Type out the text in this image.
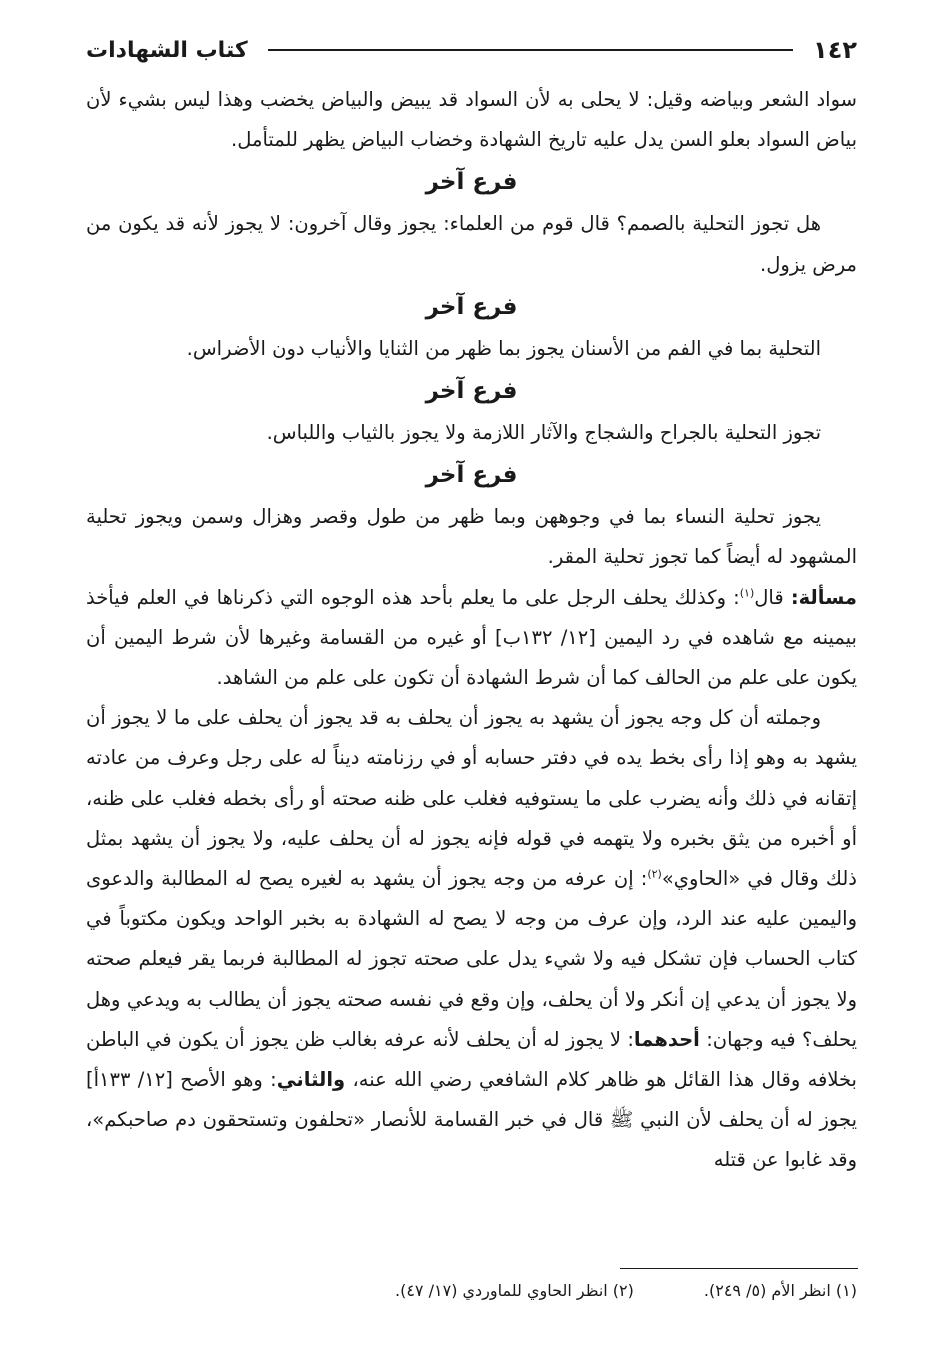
١٤٢
كتاب الشهادات

سواد الشعر وبياضه وقيل: لا يحلى به لأن السواد قد يبيض والبياض يخضب وهذا ليس بشيء لأن بياض السواد بعلو السن يدل عليه تاريخ الشهادة وخضاب البياض يظهر للمتأمل.

فرع آخر

هل تجوز التحلية بالصمم؟ قال قوم من العلماء: يجوز وقال آخرون: لا يجوز لأنه قد يكون من مرض يزول.

فرع آخر

التحلية بما في الفم من الأسنان يجوز بما ظهر من الثنايا والأنياب دون الأضراس.

فرع آخر

تجوز التحلية بالجراح والشجاج والآثار اللازمة ولا يجوز بالثياب واللباس.

فرع آخر

يجوز تحلية النساء بما في وجوههن وبما ظهر من طول وقصر وهزال وسمن ويجوز تحلية المشهود له أيضاً كما تجوز تحلية المقر.

مسألة: قال$^{(١)}$: وكذلك يحلف الرجل على ما يعلم بأحد هذه الوجوه التي ذكرناها في العلم فيأخذ بيمينه مع شاهده في رد اليمين [١٢/ ١٣٢ب] أو غيره من القسامة وغيرها لأن شرط اليمين أن يكون على علم من الحالف كما أن شرط الشهادة أن تكون على علم من الشاهد.

وجملته أن كل وجه يجوز أن يشهد به يجوز أن يحلف به قد يجوز أن يحلف على ما لا يجوز أن يشهد به وهو إذا رأى بخط يده في دفتر حسابه أو في رزنامته ديناً له على رجل وعرف من عادته إتقانه في ذلك وأنه يضرب على ما يستوفيه فغلب على ظنه صحته أو رأى بخطه فغلب على ظنه، أو أخبره من يثق بخبره ولا يتهمه في قوله فإنه يجوز له أن يحلف عليه، ولا يجوز أن يشهد بمثل ذلك وقال في «الحاوي»$^{(٢)}$: إن عرفه من وجه يجوز أن يشهد به لغيره يصح له المطالبة والدعوى واليمين عليه عند الرد، وإن عرف من وجه لا يصح له الشهادة به بخبر الواحد ويكون مكتوباً في كتاب الحساب فإن تشكل فيه ولا شيء يدل على صحته تجوز له المطالبة فربما يقر فيعلم صحته ولا يجوز أن يدعي إن أنكر ولا أن يحلف، وإن وقع في نفسه صحته يجوز أن يطالب به ويدعي وهل يحلف؟ فيه وجهان: أحدهما: لا يجوز له أن يحلف لأنه عرفه بغالب ظن يجوز أن يكون في الباطن بخلافه وقال هذا القائل هو ظاهر كلام الشافعي رضي الله عنه، والثاني: وهو الأصح [١٢/ ١٣٣أ] يجوز له أن يحلف لأن النبي ﷺ قال في خبر القسامة للأنصار «تحلفون وتستحقون دم صاحبكم»، وقد غابوا عن قتله

(١) انظر الأم (٥/ ٢٤٩).
(٢) انظر الحاوي للماوردي (١٧/ ٤٧).
